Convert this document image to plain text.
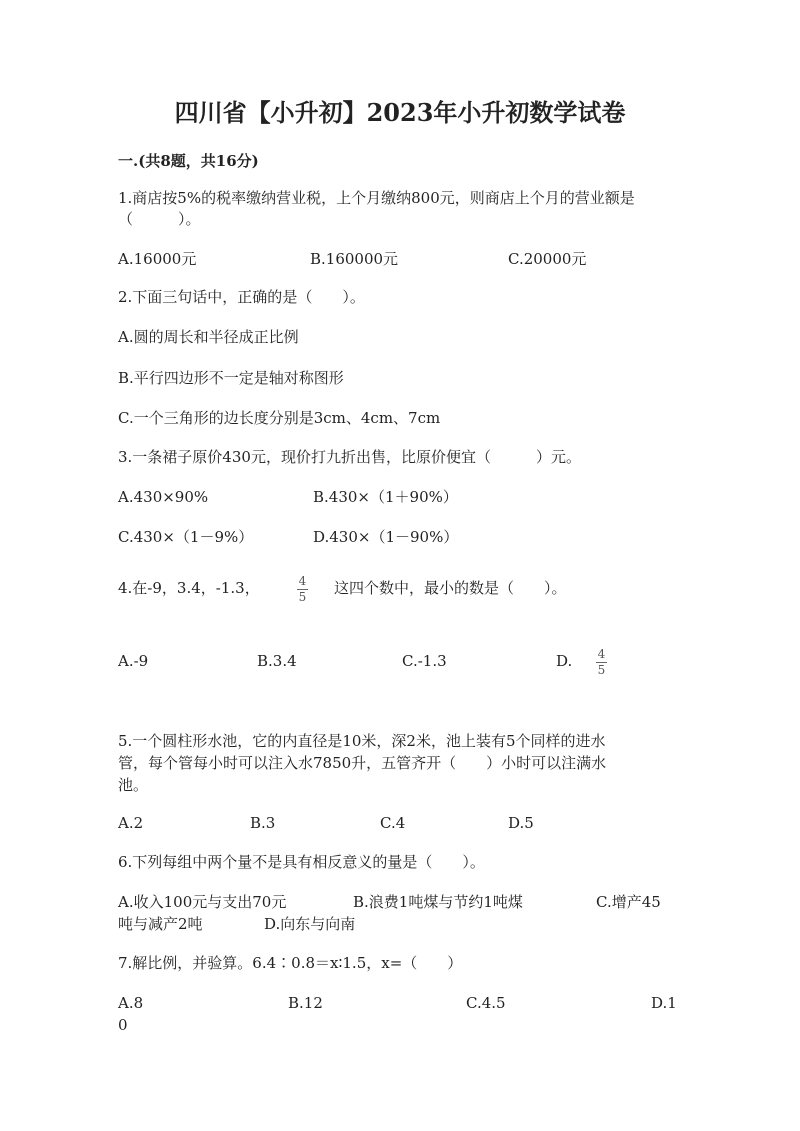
四川省【小升初】2023年小升初数学试卷
一.(共8题，共16分)
1.商店按5%的税率缴纳营业税，上个月缴纳800元，则商店上个月的营业额是
（　　　）。
A.16000元	B.160000元	C.20000元
2.下面三句话中，正确的是（　　）。
A.圆的周长和半径成正比例
B.平行四边形不一定是轴对称图形
C.一个三角形的边长度分别是3cm、4cm、7cm
3.一条裙子原价430元，现价打九折出售，比原价便宜（　　　）元。
A.430×90%	B.430×（1＋90%）
C.430×（1－9%）	D.430×（1－90%）
4.在-9，3.4，-1.3，	4
5 这四个数中，最小的数是（　　）。
A.-9	B.3.4	C.-1.3	D. 4
5
5.一个圆柱形水池，它的内直径是10米，深2米，池上装有5个同样的进水
管，每个管每小时可以注入水7850升，五管齐开（　　）小时可以注满水
池。
A.2	B.3	C.4	D.5
6.下列每组中两个量不是具有相反意义的量是（　　）。
A.收入100元与支出70元	B.浪费1吨煤与节约1吨煤	C.增产45
吨与减产2吨	D.向东与向南
7.解比例，并验算。6.4∶0.8＝x∶1.5，x=（　　）
A.8	B.12	C.4.5	D.1
0
